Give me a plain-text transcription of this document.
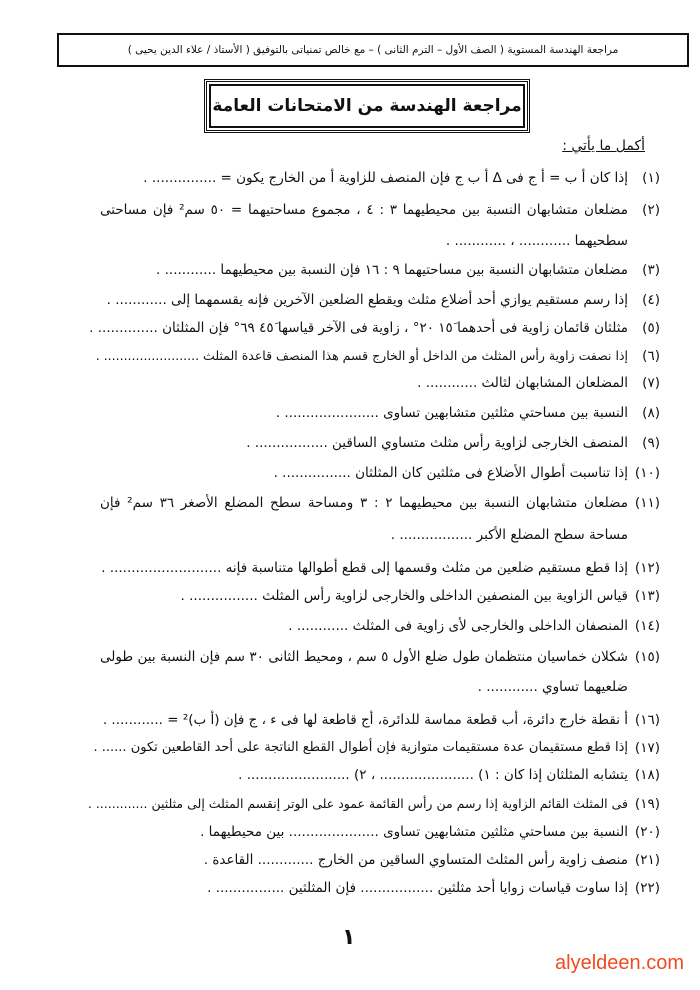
مراجعة الهندسة المستوية ( الصف الأول – الترم الثانى ) – مع خالص تمنياتى بالتوفيق ( الأستاذ / علاء الدين يحيى )
مراجعة الهندسة من الامتحانات العامة
أكمل ما يأتي :
(١)
إذا كان أ ب = أ ج فى ∆ أ ب ج فإن المنصف للزاوية أ من الخارج يكون = ............... .
(٢)
مضلعان متشابهان النسبة بين محيطيهما ٣ : ٤ ، مجموع مساحتيهما = ٥٠ سم² فإن مساحتى
سطحيهما ............ ، ............ .
(٣)
مضلعان متشابهان النسبة بين مساحتيهما ٩ : ١٦ فإن النسبة بين محيطيهما ............ .
(٤)
إذا رسم مستقيم يوازي أحد أضلاع مثلث ويقطع الضلعين الآخرين فإنه يقسمهما إلى ............ .
(٥)
مثلثان قائمان زاوية فى أحدهما ١٥َ ٢٠° ، زاوية فى الآخر قياسها ٤٥َ ٦٩° فإن المثلثان .............. .
(٦)
إذا نصفت زاوية رأس المثلث من الداخل أو الخارج قسم هذا المنصف قاعدة المثلث ........................ .
(٧)
المضلعان المشابهان لثالث ............ .
(٨)
النسبة بين مساحتي مثلثين متشابهين تساوى ...................... .
(٩)
المنصف الخارجى لزاوية رأس مثلث متساوي الساقين ................. .
(١٠)
إذا تناسبت أطوال الأضلاع فى مثلثين كان المثلثان ................ .
(١١)
مضلعان متشابهان النسبة بين محيطيهما ٢ : ٣ ومساحة سطح المضلع الأصغر ٣٦ سم² فإن
مساحة سطح المضلع الأكبر ................. .
(١٢)
إذا قطع مستقيم ضلعين من مثلث وقسمها إلى قطع أطوالها متناسبة فإنه .......................... .
(١٣)
قياس الزاوية بين المنصفين الداخلى والخارجى لزاوية رأس المثلث ................ .
(١٤)
المنصفان الداخلى والخارجى لأى زاوية فى المثلث ............ .
(١٥)
شكلان خماسيان منتظمان طول ضلع الأول ٥ سم ، ومحيط الثانى ٣٠ سم فإن النسبة بين طولى
ضلعيهما تساوي ............ .
(١٦)
أ نقطة خارج دائرة، أب قطعة مماسة للدائرة، أج قاطعة لها فى ء ، ج فإن (أ ب)² = ............ .
(١٧)
إذا قطع مستقيمان عدة مستقيمات متوازية فإن أطوال القطع الناتجة على أحد القاطعين تكون ...... .
(١٨)
يتشابه المثلثان إذا كان : ١) ...................... ، ٢) ........................ .
(١٩)
فى المثلث القائم الزاوية إذا رسم من رأس القائمة عمود على الوتر إنقسم المثلث إلى مثلثين ............. .
(٢٠)
النسبة بين مساحتي مثلثين متشابهين تساوى ..................... بين محيطيهما .
(٢١)
منصف زاوية رأس المثلث المتساوي الساقين من الخارج ............. القاعدة .
(٢٢)
إذا ساوت قياسات زوايا أحد مثلثين ................. فإن المثلثين ................ .
١
alyeldeen.com
